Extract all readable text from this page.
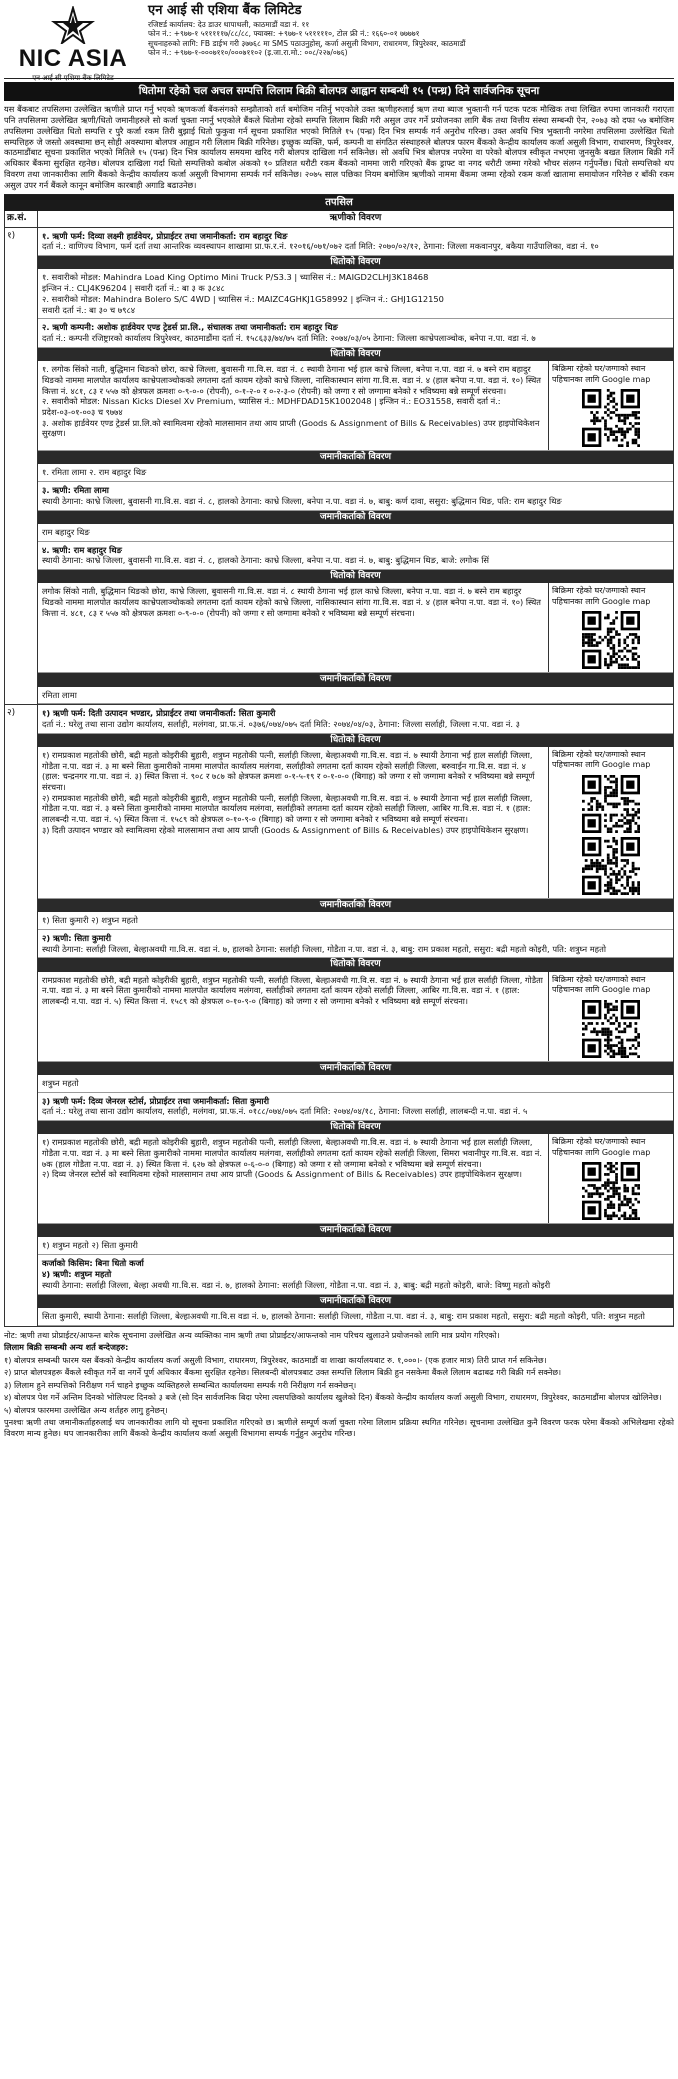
NIC ASIA
एन आई सी एशिया बैंक लिमिटेड
एन आई सी एशिया बैंक लिमिटेड
रजिष्टर्ड कार्यालय: देउ डाउर थापाथली, काठमाडौं वडा नं. ११
फोन नं.: +९७७-१ ५१११११७/८८/८८, फ्याक्स: +९७७-१ ५१११११०, टोल फ्री नं.: १६६०-०१ ७७७७१
सूचनाहरुको लागि: FB डाईभ गरी ३७७६८ मा SMS पठाउनुहोस्, कर्जा असुली विभाग, राधारमण, त्रिपुरेश्वर, काठमाडौं
फोन नं.: +९७७-१-०००७११०/०००७११०२ (इ.जा.रा.मो.: ००८/२२७/०७६)
धितोमा रहेको चल अचल सम्पत्ति लिलाम बिक्री बोलपत्र आह्वान सम्बन्धी १५ (पन्ध्र) दिने सार्वजनिक सूचना
यस बैंकबाट तपसिलमा उल्लेखित ऋणीले प्राप्त गर्नु भएको ऋणकर्जा बैंकसंगको सम्झौताको शर्त बमोजिम नतिर्नु भएकोले उक्त ऋणीहरुलाई ऋण तथा ब्याज भुक्तानी गर्न पटक पटक मौखिक तथा लिखित रुपमा जानकारी गराएता पनि तपसिलमा उल्लेखित ऋणी/धितो जमानीहरुले सो कर्जा चुक्ता नगर्नु भएकोले बैंकले धितोमा रहेको सम्पत्ति लिलाम बिक्री गरी असुल उपर गर्ने प्रयोजनका लागि बैंक तथा वित्तीय संस्था सम्बन्धी ऐन, २०७३ को दफा ५७ बमोजिम तपसिलमा उल्लेखित धितो सम्पत्ति र पुरै कर्जा रकम तिरी बुझाई धितो फुकुवा गर्न सूचना प्रकाशित भएको मितिले १५ (पन्ध्र) दिन भित्र सम्पर्क गर्न अनुरोध गरिन्छ। उक्त अवधि भित्र भुक्तानी नगरेमा तपसिलमा उल्लेखित धितो सम्पत्तिहरु जे जस्तो अवस्थामा छन् सोही अवस्थामा बोलपत्र आह्वान गरी लिलाम बिक्री गरिनेछ। इच्छुक व्यक्ति, फर्म, कम्पनी वा संगठित संस्थाहरुले बोलपत्र फारम बैंकको केन्द्रीय कार्यालय कर्जा असुली विभाग, राधारमण, त्रिपुरेश्वर, काठमाडौंबाट सूचना प्रकाशित भएको मितिले १५ (पन्ध्र) दिन भित्र कार्यालय समयमा खरिद गरी बोलपत्र दाखिला गर्न सकिनेछ। सो अवधि भित्र बोलपत्र नपरेमा वा परेको बोलपत्र स्वीकृत नभएमा जुनसुकै बखत लिलाम बिक्री गर्ने अधिकार बैंकमा सुरक्षित रहनेछ। बोलपत्र दाखिला गर्दा धितो सम्पत्तिको कबोल अंकको १० प्रतिशत धरौटी रकम बैंकको नाममा जारी गरिएको बैंक ड्राफ्ट वा नगद धरौटी जम्मा गरेको भौचर संलग्न गर्नुपर्नेछ। धितो सम्पत्तिको थप विवरण तथा जानकारीका लागि बैंकको केन्द्रीय कार्यालय कर्जा असुली विभागमा सम्पर्क गर्न सकिनेछ। २०७५ साल पछिका नियम बमोजिम ऋणीको नाममा बैंकमा जम्मा रहेको रकम कर्जा खातामा समायोजन गरिनेछ र बाँकी रकम असुल उपर गर्न बैंकले कानून बमोजिम कारबाही अगाडि बढाउनेछ।
तपसिल
क्र.सं.	ऋणीको विवरण
१)	१. ऋणी फर्म: दिव्या लक्ष्मी हार्डवेयर, प्रोप्राईटर तथा जमानीकर्ता: राम बहादुर थिङ
दर्ता नं.: वाणिज्य विभाग, फर्म दर्ता तथा आन्तरिक व्यवस्थापन शाखामा प्रा.फ.र.नं. १२०१६/०७१/०७२ दर्ता मिति: २०७०/०२/१२, ठेगाना: जिल्ला मकवानपुर, बकैया गाउँपालिका, वडा नं. १०
धितोको विवरण
१. सवारीको मोडल: Mahindra Load King Optimo Mini Truck P/S3.3 | च्यासिस नं.: MAIGD2CLHJ3K18468
इन्जिन नं.: CLJ4K96204 | सवारी दर्ता नं.: बा ३ क ३८४८
२. सवारीको मोडल: Mahindra Bolero S/C 4WD | च्यासिस नं.: MAIZC4GHKJ1G58992 | इन्जिन नं.: GHJ1G12150
सवारी दर्ता नं.: बा ३० च ७९८४
२. ऋणी कम्पनी: अशोक हार्डवेयर एण्ड ट्रेडर्स प्रा.लि., संचालक तथा जमानीकर्ता: राम बहादुर थिङ
दर्ता नं.: कम्पनी रजिष्ट्रारको कार्यालय त्रिपुरेश्वर, काठमाडौंमा दर्ता नं. १५८६३३/७४/७५ दर्ता मिति: २०७४/०३/०५ ठेगाना: जिल्ला काभ्रेपलाञ्चोक, बनेपा न.पा. वडा नं. ७
धितोको विवरण
१. लगोक सिंको नाती, बुद्धिमान थिङको छोरा, काभ्रे जिल्ला, बुवासनी गा.वि.स. वडा नं. ८ स्थायी ठेगाना भई हाल काभ्रे जिल्ला, बनेपा न.पा. वडा नं. ७ बस्ने राम बहादुर थिङको नाममा मालपोत कार्यालय काभ्रेपलाञ्चोकको लगतमा दर्ता कायम रहेको काभ्रे जिल्ला, नासिकास्थान सांगा गा.वि.स. वडा नं. ४ (हाल बनेपा न.पा. वडा नं. १०) स्थित कित्ता नं. ४८१, ८३ र ५५७ को क्षेत्रफल क्रमशः ०-९-०-० (रोपनी), ०-१-२-० र ०-२-३-० (रोपनी) को जग्गा र सो जग्गामा बनेको र भविष्यमा बन्ने सम्पूर्ण संरचना।
२. सवारीको मोडल: Nissan Kicks Diesel Xv Premium, च्यासिस नं.: MDHFDAD15K1002048 | इन्जिन नं.: EO31558, सवारी दर्ता नं.: प्रदेश-०३-०१-००३ च ९७७४
३. अशोक हार्डवेयर एण्ड ट्रेडर्स प्रा.लि.को स्वामित्वमा रहेको मालसामान तथा आय प्राप्ती (Goods & Assignment of Bills & Receivables) उपर हाइपोथिकेशन सुरक्षण।
बिक्रिमा रहेको घर/जग्गाको स्थान पहिचानका लागि Google map
जमानीकर्ताको विवरण
१. रमिता लामा २. राम बहादुर थिङ
३. ऋणी: रमिता लामा
स्थायी ठेगाना: काभ्रे जिल्ला, बुवासनी गा.वि.स. वडा नं. ८, हालको ठेगाना: काभ्रे जिल्ला, बनेपा न.पा. वडा नं. ७, बाबु: कर्ण दावा, ससुरा: बुद्धिमान थिङ, पति: राम बहादुर थिङ
जमानीकर्ताको विवरण
राम बहादुर थिङ
४. ऋणी: राम बहादुर थिङ
स्थायी ठेगाना: काभ्रे जिल्ला, बुवासनी गा.वि.स. वडा नं. ८, हालको ठेगाना: काभ्रे जिल्ला, बनेपा न.पा. वडा नं. ७, बाबु: बुद्धिमान थिङ, बाजे: लगोक सिं
धितोको विवरण
लगोक सिंको नाती, बुद्धिमान थिङको छोरा, काभ्रे जिल्ला, बुवासनी गा.वि.स. वडा नं. ८ स्थायी ठेगाना भई हाल काभ्रे जिल्ला, बनेपा न.पा. वडा नं. ७ बस्ने राम बहादुर थिङको नाममा मालपोत कार्यालय काभ्रेपलाञ्चोकको लगतमा दर्ता कायम रहेको काभ्रे जिल्ला, नासिकास्थान सांगा गा.वि.स. वडा नं. ४ (हाल बनेपा न.पा. वडा नं. १०) स्थित कित्ता नं. ४८१, ८३ र ५५७ को क्षेत्रफल क्रमशः ०-९-०-० (रोपनी) को जग्गा र सो जग्गामा बनेको र भविष्यमा बन्ने सम्पूर्ण संरचना।
बिक्रिमा रहेको घर/जग्गाको स्थान पहिचानका लागि Google map
जमानीकर्ताको विवरण
रमिता लामा
२)	१) ऋणी फर्म: दिती उत्पादन भण्डार, प्रोप्राईटर तथा जमानीकर्ता: सिता कुमारी
दर्ता नं.: घरेलु तथा साना उद्योग कार्यालय, सर्लाही, मलंगवा, प्रा.फ.नं. ०३७६/०७४/०७५ दर्ता मिति: २०७४/०४/०३, ठेगाना: जिल्ला सर्लाही, जिल्ला न.पा. वडा नं. ३
धितोको विवरण
१) रामप्रकाश महतोकी छोरी, बद्री महतो कोइरीकी बुहारी, शत्रुघ्न महतोकी पत्नी, सर्लाही जिल्ला, बेल्हाअवधी गा.वि.स. वडा नं. ७ स्थायी ठेगाना भई हाल सर्लाही जिल्ला, गोडैता न.पा. वडा नं. ३ मा बस्ने सिता कुमारीको नाममा मालपोत कार्यालय मलंगवा, सर्लाहीको लगतमा दर्ता कायम रहेको सर्लाही जिल्ला, बरुवाईन गा.वि.स. वडा नं. ४ (हाल: चन्द्रनगर गा.पा. वडा नं. ३) स्थित कित्ता नं. ९०८ र ७८७ को क्षेत्रफल क्रमशः ०-१-५-१९ र ०-१-०-० (बिगाह) को जग्गा र सो जग्गामा बनेको र भविष्यमा बन्ने सम्पूर्ण संरचना।
२) रामप्रकाश महतोकी छोरी, बद्री महतो कोइरीकी बुहारी, शत्रुघ्न महतोकी पत्नी, सर्लाही जिल्ला, बेल्हाअवधी गा.वि.स. वडा नं. ७ स्थायी ठेगाना भई हाल सर्लाही जिल्ला, गोडैता न.पा. वडा नं. ३ बस्ने सिता कुमारीको नाममा मालपोत कार्यालय मलंगवा, सर्लाहीको लगतमा दर्ता कायम रहेको सर्लाही जिल्ला, आबिर गा.वि.स. वडा नं. १ (हाल: लालबन्दी न.पा. वडा नं. ५) स्थित कित्ता नं. १५८९ को क्षेत्रफल ०-१०-९-० (बिगाह) को जग्गा र सो जग्गामा बनेको र भविष्यमा बन्ने सम्पूर्ण संरचना।
३) दिती उत्पादन भण्डार को स्वामित्वमा रहेको मालसामान तथा आय प्राप्ती (Goods & Assignment of Bills & Receivables) उपर हाइपोथिकेशन सुरक्षण।
बिक्रिमा रहेको घर/जग्गाको स्थान पहिचानका लागि Google map
जमानीकर्ताको विवरण
१) सिता कुमारी २) शत्रुघ्न महतो
२) ऋणी: सिता कुमारी
स्थायी ठेगाना: सर्लाही जिल्ला, बेल्हाअवधी गा.वि.स. वडा नं. ७, हालको ठेगाना: सर्लाही जिल्ला, गोडैता न.पा. वडा नं. ३, बाबु: राम प्रकाश महतो, ससुरा: बद्री महतो कोइरी, पति: शत्रुघ्न महतो
धितोको विवरण
रामप्रकाश महतोकी छोरी, बद्री महतो कोइरीकी बुहारी, शत्रुघ्न महतोकी पत्नी, सर्लाही जिल्ला, बेल्हाअवधी गा.वि.स. वडा नं. ७ स्थायी ठेगाना भई हाल सर्लाही जिल्ला, गोडैता न.पा. वडा नं. ३ मा बस्ने सिता कुमारीको नाममा मालपोत कार्यालय मलंगवा, सर्लाहीको लगतमा दर्ता कायम रहेको सर्लाही जिल्ला, आबिर गा.वि.स. वडा नं. १ (हाल: लालबन्दी न.पा. वडा नं. ५) स्थित कित्ता नं. १५८९ को क्षेत्रफल ०-१०-९-० (बिगाह) को जग्गा र सो जग्गामा बनेको र भविष्यमा बन्ने सम्पूर्ण संरचना।
बिक्रिमा रहेको घर/जग्गाको स्थान पहिचानका लागि Google map
जमानीकर्ताको विवरण
शत्रुघ्न महतो
३) ऋणी फर्म: दिव्य जेनरल स्टोर्स, प्रोप्राईटर तथा जमानीकर्ता: सिता कुमारी
दर्ता नं.: घरेलु तथा साना उद्योग कार्यालय, सर्लाही, मलंगवा, प्रा.फ.नं. ०१८८/०७४/०७५ दर्ता मिति: २०७४/०४/१८, ठेगाना: जिल्ला सर्लाही, लालबन्दी न.पा. वडा नं. ५
धितोको विवरण
१) रामप्रकाश महतोकी छोरी, बद्री महतो कोइरीकी बुहारी, शत्रुघ्न महतोकी पत्नी, सर्लाही जिल्ला, बेल्हाअवधी गा.वि.स. वडा नं. ७ स्थायी ठेगाना भई हाल सर्लाही जिल्ला, गोडैता न.पा. वडा नं. ३ मा बस्ने सिता कुमारीको नाममा मालपोत कार्यालय मलंगवा, सर्लाहीको लगतमा दर्ता कायम रहेको सर्लाही जिल्ला, सिमरा भवानीपुर गा.वि.स. वडा नं. ७क (हाल गोडैता न.पा. वडा नं. ३) स्थित कित्ता नं. ६२७ को क्षेत्रफल ०-६-०-० (बिगाह) को जग्गा र सो जग्गामा बनेको र भविष्यमा बन्ने सम्पूर्ण संरचना।
२) दिव्य जेनरल स्टोर्स को स्वामित्वमा रहेको मालसामान तथा आय प्राप्ती (Goods & Assignment of Bills & Receivables) उपर हाइपोथिकेशन सुरक्षण।
बिक्रिमा रहेको घर/जग्गाको स्थान पहिचानका लागि Google map
जमानीकर्ताको विवरण
१) शत्रुघ्न महतो २) सिता कुमारी
कर्जाको किसिम: बिना धितो कर्जा
४) ऋणी: शत्रुघ्न महतो
स्थायी ठेगाना: सर्लाही जिल्ला, बेल्हा अवधी गा.वि.स. वडा नं. ७, हालको ठेगाना: सर्लाही जिल्ला, गोडैता न.पा. वडा नं. ३, बाबु: बद्री महतो कोइरी, बाजे: विष्णु महतो कोइरी
जमानीकर्ताको विवरण
सिता कुमारी, स्थायी ठेगाना: सर्लाही जिल्ला, बेल्हाअवधी गा.वि.स वडा नं. ७, हालको ठेगाना: सर्लाही जिल्ला, गोडैता न.पा. वडा नं. ३, बाबु: राम प्रकाश महतो, ससुरा: बद्री महतो कोइरी, पति: शत्रुघ्न महतो

नोट: ऋणी तथा प्रोप्राईटर/आफन्त बारेक सूचनामा उल्लेखित अन्य व्यक्तिका नाम ऋणी तथा प्रोप्राईटर/आफन्तको नाम परिचय खुलाउने प्रयोजनको लागि मात्र प्रयोग गरिएको।

लिलाम बिक्री सम्बन्धी अन्य शर्त बन्देजहरु:

१) बोलपत्र सम्बन्धी फारम यस बैंकको केन्द्रीय कार्यालय कर्जा असुली विभाग, राधारमण, त्रिपुरेश्वर, काठमाडौं वा शाखा कार्यालयबाट रु. १,०००।- (एक हजार मात्र) तिरी प्राप्त गर्न सकिनेछ।

२) प्राप्त बोलपत्रहरू बैंकले स्वीकृत गर्ने वा नगर्ने पूर्ण अधिकार बैंकमा सुरक्षित रहनेछ। सिलबन्दी बोलपत्रबाट उक्त सम्पत्ति लिलाम बिक्री हुन नसकेमा बैंकले लिलाम बढाबढ गरी बिक्री गर्न सक्नेछ।

३) लिलाम हुने सम्पत्तिको निरीक्षण गर्न चाहने इच्छुक व्यक्तिहरुले सम्बन्धित कार्यालयमा सम्पर्क गरी निरीक्षण गर्न सक्नेछन्।

४) बोलपत्र पेश गर्ने अन्तिम दिनको भोलिपल्ट दिनको ३ बजे (सो दिन सार्वजनिक बिदा परेमा त्यसपछिको कार्यालय खुलेको दिन) बैंकको केन्द्रीय कार्यालय कर्जा असुली विभाग, राधारमण, त्रिपुरेश्वर, काठमाडौंमा बोलपत्र खोलिनेछ।

५) बोलपत्र फारममा उल्लेखित अन्य शर्तहरु लागु हुनेछन्।

पुनश्चः ऋणी तथा जमानीकर्ताहरुलाई थप जानकारीका लागि यो सूचना प्रकाशित गरिएको छ। ऋणीले सम्पूर्ण कर्जा चुक्ता गरेमा लिलाम प्रक्रिया स्थगित गरिनेछ। सूचनामा उल्लेखित कुनै विवरण फरक परेमा बैंकको अभिलेखमा रहेको विवरण मान्य हुनेछ। थप जानकारीका लागि बैंकको केन्द्रीय कार्यालय कर्जा असुली विभागमा सम्पर्क गर्नुहुन अनुरोध गरिन्छ।
